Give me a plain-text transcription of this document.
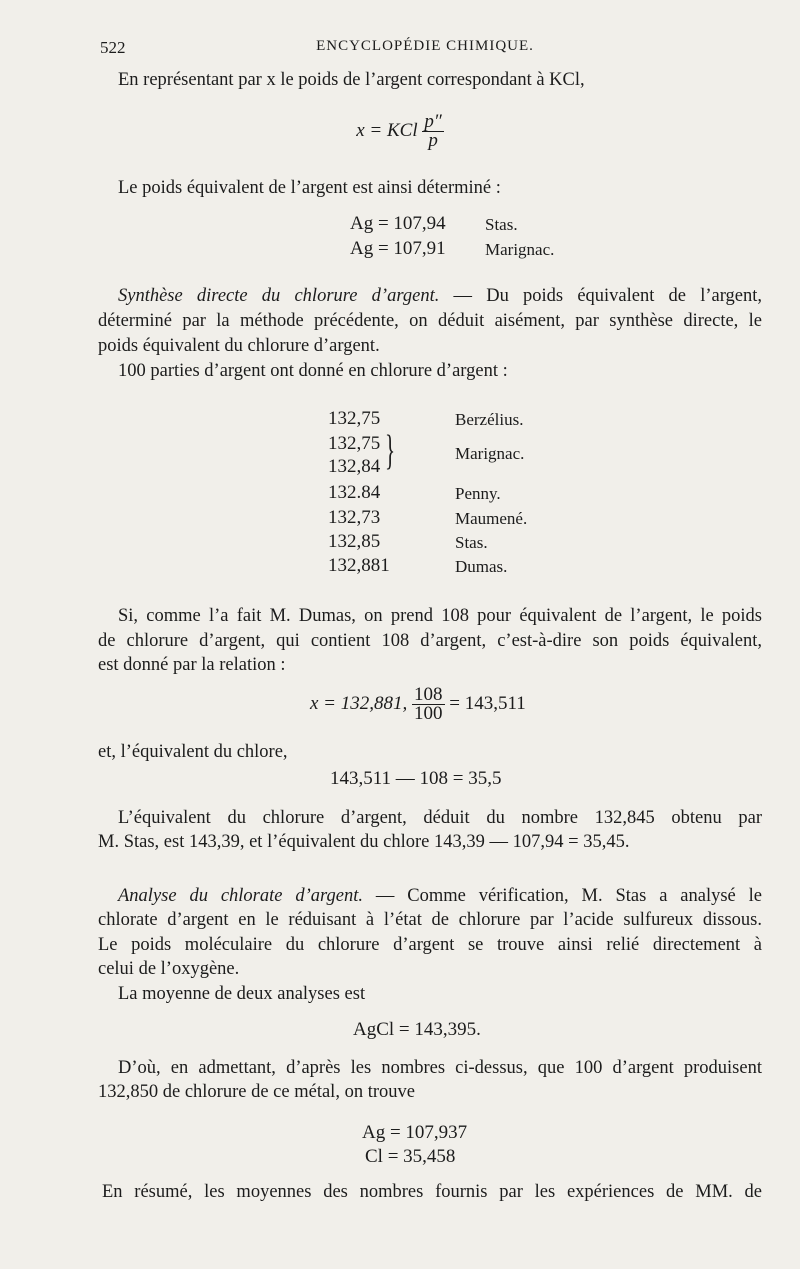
522	ENCYCLOPÉDIE CHIMIQUE.
En représentant par x le poids de l’argent correspondant à KCl,
x = KCl $\frac{p''}{p}$
Le poids équivalent de l’argent est ainsi déterminé :
Ag = 107,94 Stas.
Ag = 107,91 Marignac.
Synthèse directe du chlorure d’argent. — Du poids équivalent de l’argent,
déterminé par la méthode précédente, on déduit aisément, par synthèse directe, le
poids équivalent du chlorure d’argent.
100 parties d’argent ont donné en chlorure d’argent :
132,75	Berzélius.
132,75
132,84 }	Marignac.
132.84	Penny.
132,73	Maumené.
132,85	Stas.
132,881	Dumas.
Si, comme l’a fait M. Dumas, on prend 108 pour équivalent de l’argent, le poids
de chlorure d’argent, qui contient 108 d’argent, c’est-à-dire son poids équivalent,
est donné par la relation :
x = 132,881, $\frac{108}{100} = 143,511$
et, l’équivalent du chlore,
143,511 — 108 = 35,5
L’équivalent du chlorure d’argent, déduit du nombre 132,845 obtenu par
M. Stas, est 143,39, et l’équivalent du chlore 143,39 — 107,94 = 35,45.
Analyse du chlorate d’argent. — Comme vérification, M. Stas a analysé le
chlorate d’argent en le réduisant à l’état de chlorure par l’acide sulfureux dissous.
Le poids moléculaire du chlorure d’argent se trouve ainsi relié directement à
celui de l’oxygène.
La moyenne de deux analyses est
AgCl = 143,395.
D’où, en admettant, d’après les nombres ci-dessus, que 100 d’argent produisent
132,850 de chlorure de ce métal, on trouve
Ag = 107,937
Cl = 35,458
En résumé, les moyennes des nombres fournis par les expériences de MM. de
